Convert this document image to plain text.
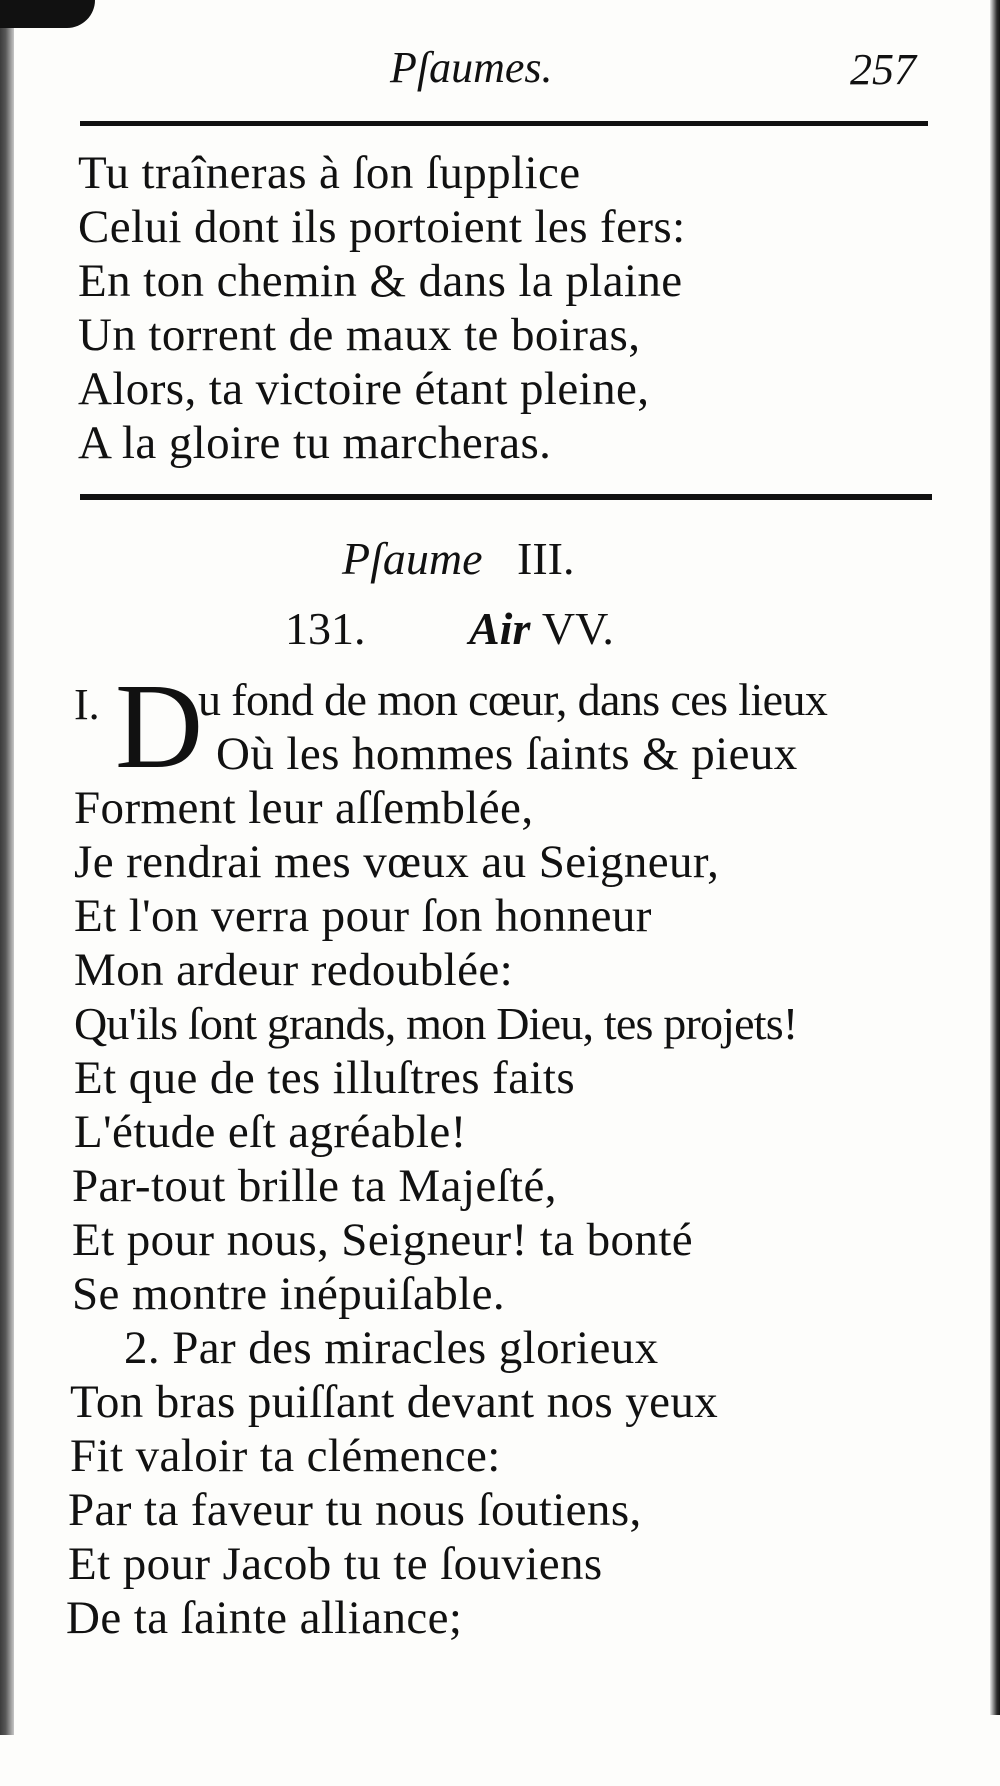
Pſaumes.	257
Tu traîneras à ſon ſupplice
Celui dont ils portoient les fers:
En ton chemin & dans la plaine
Un torrent de maux te boiras,
Alors, ta victoire étant pleine,
A la gloire tu marcheras.
Pſaume III.
131. Air VV.
I. D
u fond de mon cœur, dans ces lieux
Où les hommes ſaints & pieux
Forment leur aſſemblée,
Je rendrai mes vœux au Seigneur,
Et l'on verra pour ſon honneur
Mon ardeur redoublée:
Qu'ils ſont grands, mon Dieu, tes projets!
Et que de tes illuſtres faits
L'étude eſt agréable!
Par-tout brille ta Majeſté,
Et pour nous, Seigneur! ta bonté
Se montre inépuiſable.
2. Par des miracles glorieux
Ton bras puiſſant devant nos yeux
Fit valoir ta clémence:
Par ta faveur tu nous ſoutiens,
Et pour Jacob tu te ſouviens
De ta ſainte alliance;
